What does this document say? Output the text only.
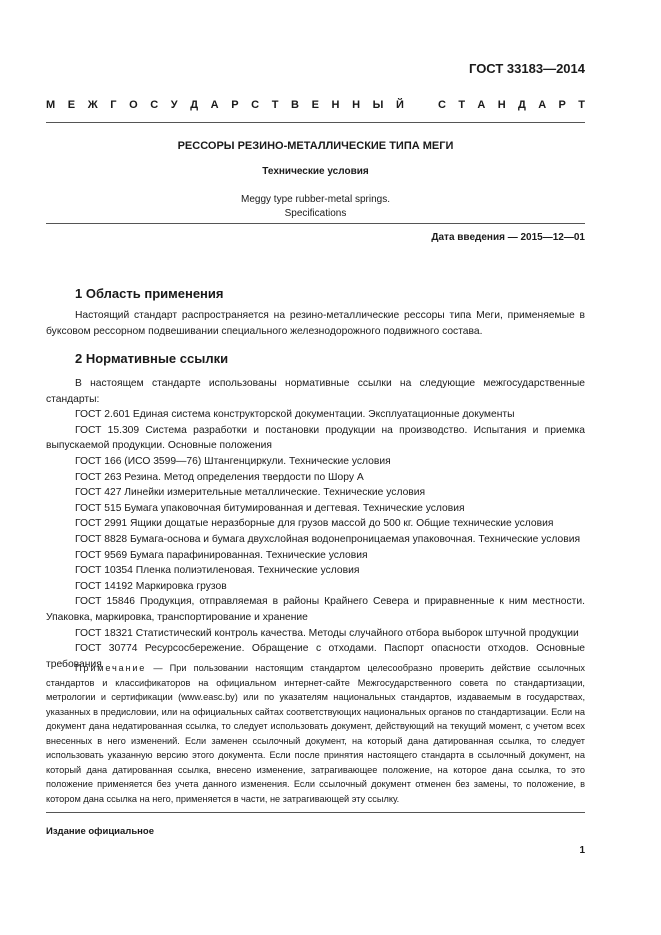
ГОСТ 33183—2014
М Е Ж Г О С У Д А Р С Т В Е Н Н Ы Й	С Т А Н Д А Р Т
РЕССОРЫ РЕЗИНО-МЕТАЛЛИЧЕСКИЕ ТИПА МЕГИ
Технические условия
Meggy type rubber-metal springs.
Specifications
Дата введения — 2015—12—01
1 Область применения

Настоящий стандарт распространяется на резино-металлические рессоры типа Меги, применяемые в буксовом рессорном подвешивании специального железнодорожного подвижного состава.

2 Нормативные ссылки

В настоящем стандарте использованы нормативные ссылки на следующие межгосударственные стандарты:

ГОСТ 2.601 Единая система конструкторской документации. Эксплуатационные документы

ГОСТ 15.309 Система разработки и постановки продукции на производство. Испытания и приемка выпускаемой продукции. Основные положения

ГОСТ 166 (ИСО 3599—76) Штангенциркули. Технические условия

ГОСТ 263 Резина. Метод определения твердости по Шору А

ГОСТ 427 Линейки измерительные металлические. Технические условия

ГОСТ 515 Бумага упаковочная битумированная и дегтевая. Технические условия

ГОСТ 2991 Ящики дощатые неразборные для грузов массой до 500 кг. Общие технические условия

ГОСТ 8828 Бумага-основа и бумага двухслойная водонепроницаемая упаковочная. Технические условия

ГОСТ 9569 Бумага парафинированная. Технические условия

ГОСТ 10354 Пленка полиэтиленовая. Технические условия

ГОСТ 14192 Маркировка грузов

ГОСТ 15846 Продукция, отправляемая в районы Крайнего Севера и приравненные к ним местности. Упаковка, маркировка, транспортирование и хранение

ГОСТ 18321 Статистический контроль качества. Методы случайного отбора выборок штучной продукции

ГОСТ 30774 Ресурсосбережение. Обращение с отходами. Паспорт опасности отходов. Основные требования

Примечание — При пользовании настоящим стандартом целесообразно проверить действие ссылочных стандартов и классификаторов на официальном интернет-сайте Межгосударственного совета по стандартизации, метрологии и сертификации (www.easc.by) или по указателям национальных стандартов, издаваемым в государствах, указанных в предисловии, или на официальных сайтах соответствующих национальных органов по стандартизации. Если на документ дана недатированная ссылка, то следует использовать документ, действующий на текущий момент, с учетом всех внесенных в него изменений. Если заменен ссылочный документ, на который дана датированная ссылка, то следует использовать указанную версию этого документа. Если после принятия настоящего стандарта в ссылочный документ, на который дана датированная ссылка, внесено изменение, затрагивающее положение, на которое дана ссылка, то это положение применяется без учета данного изменения. Если ссылочный документ отменен без замены, то положение, в котором дана ссылка на него, применяется в части, не затрагивающей эту ссылку.

Издание официальное
1
